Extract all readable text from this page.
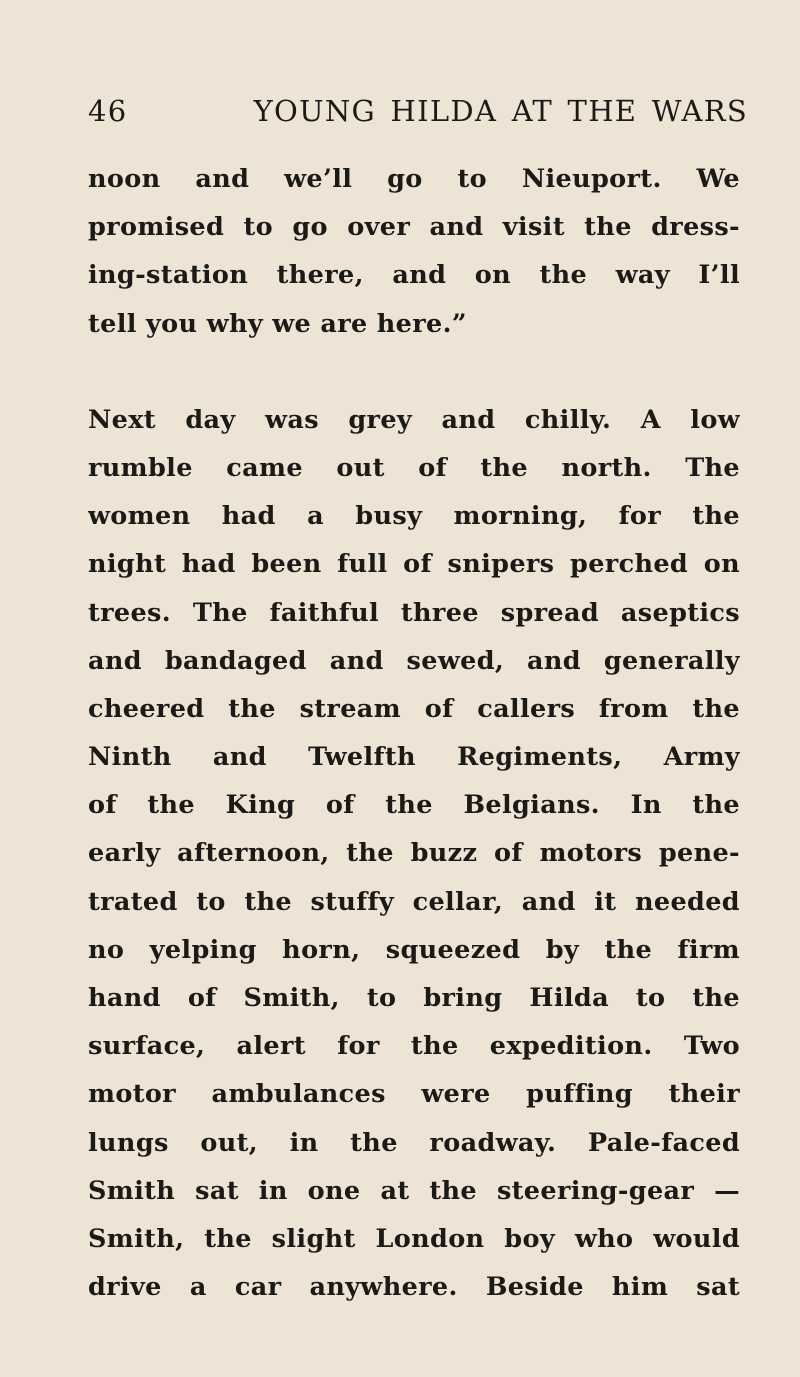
46	YOUNG HILDA AT THE WARS

noon and we’ll go to Nieuport. We
promised to go over and visit the dress-
ing-station there, and on the way I’ll
tell you why we are here.”

Next day was grey and chilly. A low
rumble came out of the north. The
women had a busy morning, for the
night had been full of snipers perched on
trees. The faithful three spread aseptics
and bandaged and sewed, and generally
cheered the stream of callers from the
Ninth and Twelfth Regiments, Army
of the King of the Belgians. In the
early afternoon, the buzz of motors pene-
trated to the stuffy cellar, and it needed
no yelping horn, squeezed by the firm
hand of Smith, to bring Hilda to the
surface, alert for the expedition. Two
motor ambulances were puffing their
lungs out, in the roadway. Pale-faced
Smith sat in one at the steering-gear —
Smith, the slight London boy who would
drive a car anywhere. Beside him sat
